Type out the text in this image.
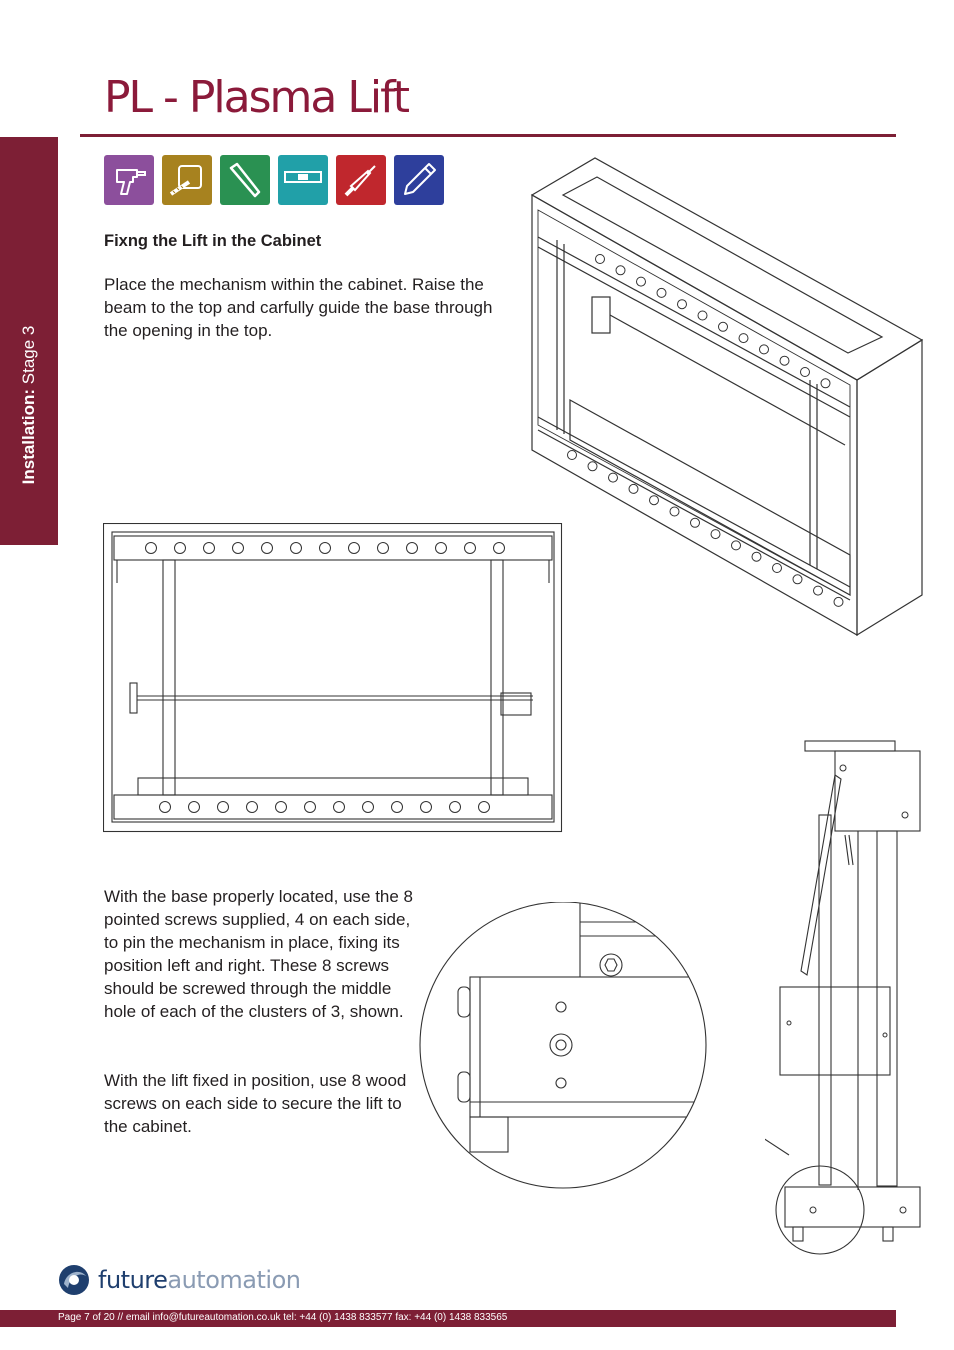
PL - Plasma Lift
Installation: Stage 3
Fixng the Lift in the Cabinet

Place the mechanism within the cabinet. Raise the beam to the top and carfully guide the base through the opening in the top.

With the base properly located, use the 8 pointed screws supplied, 4 on each side, to pin the mechanism in place, fixing its position left and right. These 8 screws should be screwed through the middle hole of each of the clusters of 3, shown.

With the lift fixed in position, use 8 wood screws on each side to secure the lift to the cabinet.

futureautomation
Page 7 of 20 // email info@futureautomation.co.uk tel: +44 (0) 1438 833577 fax: +44 (0) 1438 833565
